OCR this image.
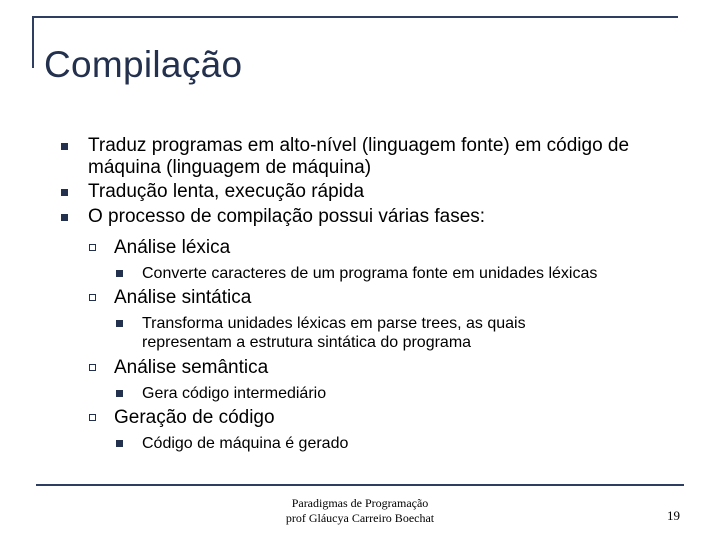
Compilação
Traduz programas em alto-nível (linguagem fonte) em código de máquina (linguagem de máquina)
Tradução lenta, execução rápida
O processo de compilação possui várias fases:
Análise léxica
Converte caracteres de um programa fonte em unidades léxicas
Análise sintática
Transforma unidades léxicas em parse trees, as quais representam a estrutura sintática do programa
Análise semântica
Gera código intermediário
Geração de código
Código de máquina é gerado
Paradigmas de Programação
prof Gláucya Carreiro Boechat	19
